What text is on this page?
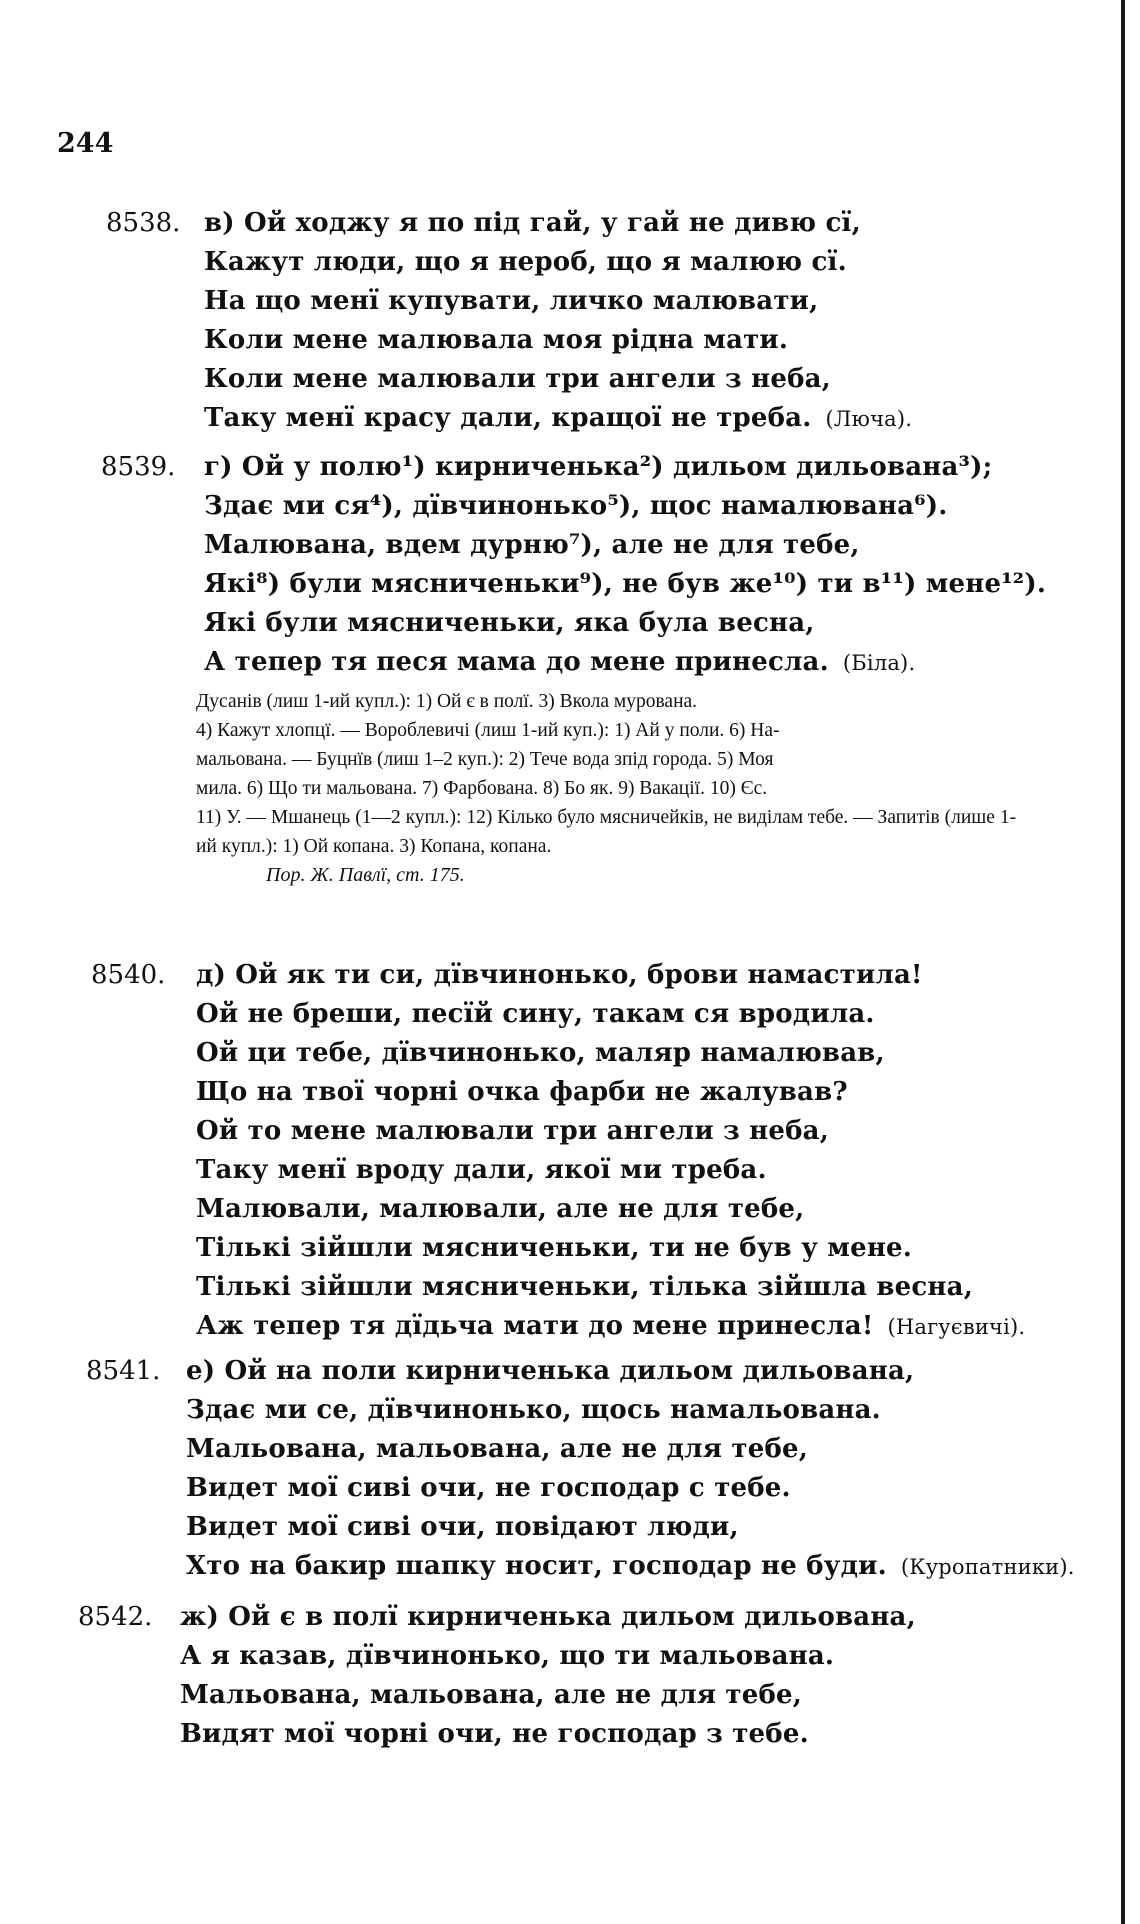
244
8538. в) Ой ходжу я по під гай, у гай не дивю сї,
Кажут люди, що я нероб, що я малюю сї.
На що менї купувати, личко малювати,
Коли мене малювала моя рідна мати.
Коли мене малювали три ангели з неба,
Таку менї красу дали, кращої не треба. (Люча).
8539. г) Ой у полю¹) кирниченька²) дильом дильована³);
Здає ми ся⁴), дївчинонько⁵), щос намалювана⁶).
Малювана, вдем дурню⁷), але не для тебе,
Які⁸) були мясниченьки⁹), не був же¹⁰) ти в¹¹) мене¹²).
Які були мясниченьки, яка була весна,
А тепер тя песя мама до мене принесла. (Біла).
Дусанів (лиш 1-ий купл.): 1) Ой є в полї. 3) Вкола мурована.
4) Кажут хлопцї. — Вороблевичі (лиш 1-ий куп.): 1) Ай у поли. 6) На-
мальована. — Буцнїв (лиш 1–2 куп.): 2) Тече вода зпід города. 5) Моя
мила. 6) Що ти мальована. 7) Фарбована. 8) Бо як. 9) Вакації. 10) Єс.
11) У. — Мшанець (1—2 купл.): 12) Кілько було мясничейків, не виділам тебе. — Запитів (лише 1-ий купл.): 1) Ой копана. 3) Копана, копана.
Пор. Ж. Павлї, ст. 175.
8540. д) Ой як ти си, дївчинонько, брови намастила!
Ой не бреши, песїй сину, такам ся вродила.
Ой ци тебе, дївчинонько, маляр намалював,
Що на твої чорні очка фарби не жалував?
Ой то мене малювали три ангели з неба,
Таку менї вроду дали, якої ми треба.
Малювали, малювали, але не для тебе,
Тількі зійшли мясниченьки, ти не був у мене.
Тількі зійшли мясниченьки, тілька зійшла весна,
Аж тепер тя дїдьча мати до мене принесла! (Нагуєвичі).
8541. е) Ой на поли кирниченька дильом дильована,
Здає ми се, дївчинонько, щось намальована.
Мальована, мальована, але не для тебе,
Видет мої сиві очи, не господар с тебе.
Видет мої сиві очи, повідают люди,
Хто на бакир шапку носит, господар не буди. (Куропатники).
8542. ж) Ой є в полї кирниченька дильом дильована,
А я казав, дївчинонько, що ти мальована.
Мальована, мальована, але не для тебе,
Видят мої чорні очи, не господар з тебе.
